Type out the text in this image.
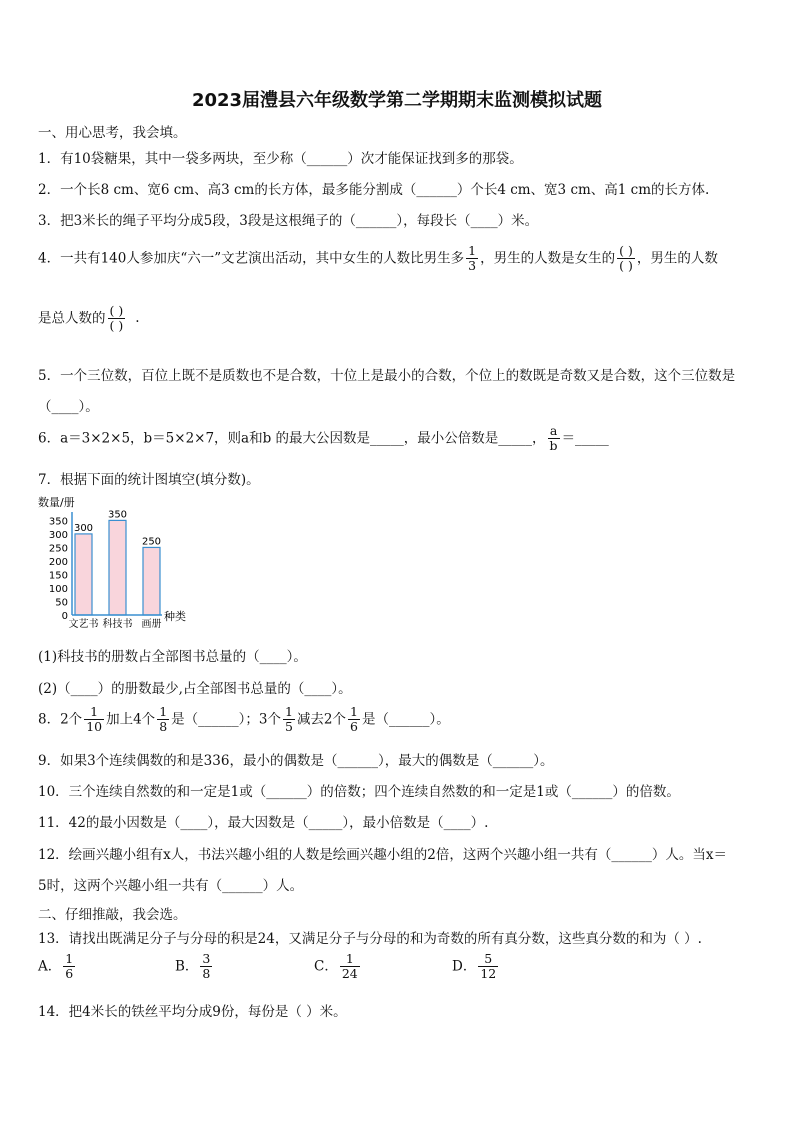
2023届澧县六年级数学第二学期期末监测模拟试题
一、用心思考，我会填。
1．有10袋糖果，其中一袋多两块，至少称（______）次才能保证找到多的那袋。
2．一个长8 cm、宽6 cm、高3 cm的长方体，最多能分割成（______）个长4 cm、宽3 cm、高1 cm的长方体.
3．把3米长的绳子平均分成5段，3段是这根绳子的（______），每段长（____）米。
4．一共有140人参加庆“六一”文艺演出活动，其中女生的人数比男生多 $\frac{1}{3}$ ，男生的人数是女生的 $\frac{( )}{( )}$ ，男生的人数
是总人数的 $\frac{( )}{( )}$ .
5．一个三位数，百位上既不是质数也不是合数，十位上是最小的合数，个位上的数既是奇数又是合数，这个三位数是
（____）。
6．a＝3×2×5，b＝5×2×7，则a和b 的最大公因数是_____，最小公倍数是_____， $\frac{a}{b}$ ＝_____
7．根据下面的统计图填空(填分数)。
数量/册
0
50
100
150
200
250
300
350
300
350
250
文艺书 科技书 画册
种类
(1)科技书的册数占全部图书总量的（____）。
(2)（____）的册数最少,占全部图书总量的（____）。
8．2个 $\frac{1}{10}$ 加上4个 $\frac{1}{8}$ 是（______）；3个 $\frac{1}{5}$ 减去2个 $\frac{1}{6}$ 是（______）。
9．如果3个连续偶数的和是336，最小的偶数是（______），最大的偶数是（______）。
10．三个连续自然数的和一定是1或（______）的倍数；四个连续自然数的和一定是1或（______）的倍数。
11．42的最小因数是（____），最大因数是（_____），最小倍数是（____）.
12．绘画兴趣小组有x人，书法兴趣小组的人数是绘画兴趣小组的2倍，这两个兴趣小组一共有（______）人。当x＝
5时，这两个兴趣小组一共有（______）人。
二、仔细推敲，我会选。
13．请找出既满足分子与分母的积是24，又满足分子与分母的和为奇数的所有真分数，这些真分数的和为（ ）.
A． $\frac{1}{6}$	B． $\frac{3}{8}$	C． $\frac{1}{24}$	D． $\frac{5}{12}$
14．把4米长的铁丝平均分成9份，每份是（ ）米。
